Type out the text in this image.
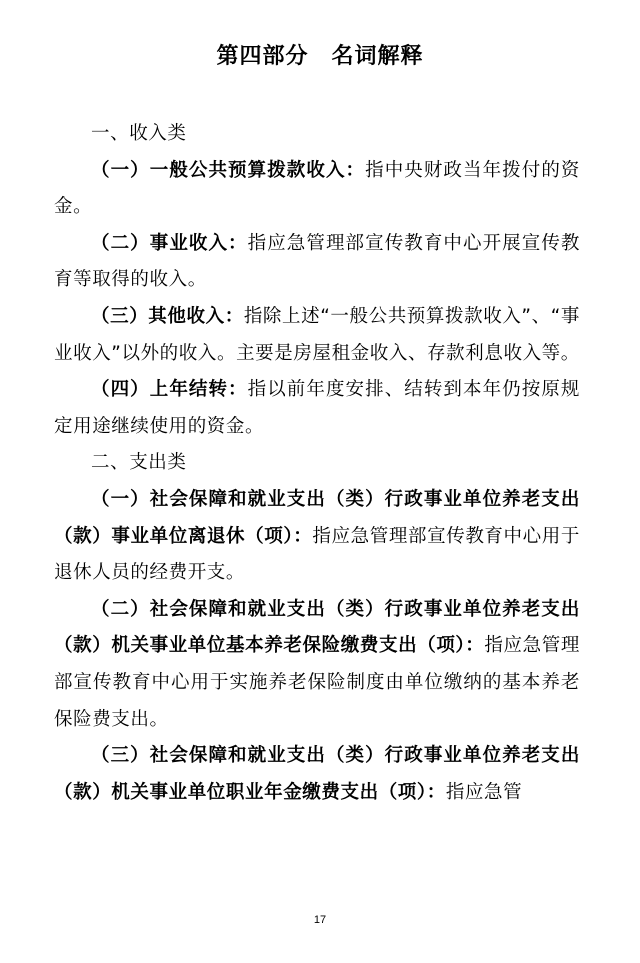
第四部分　名词解释

一、收入类

（一）一般公共预算拨款收入：指中央财政当年拨付的资金。

（二）事业收入：指应急管理部宣传教育中心开展宣传教育等取得的收入。

（三）其他收入：指除上述“一般公共预算拨款收入”、“事业收入”以外的收入。主要是房屋租金收入、存款利息收入等。

（四）上年结转：指以前年度安排、结转到本年仍按原规定用途继续使用的资金。

二、支出类

（一）社会保障和就业支出（类）行政事业单位养老支出（款）事业单位离退休（项）：指应急管理部宣传教育中心用于退休人员的经费开支。

（二）社会保障和就业支出（类）行政事业单位养老支出（款）机关事业单位基本养老保险缴费支出（项）：指应急管理部宣传教育中心用于实施养老保险制度由单位缴纳的基本养老保险费支出。

（三）社会保障和就业支出（类）行政事业单位养老支出（款）机关事业单位职业年金缴费支出（项）：指应急管

17
